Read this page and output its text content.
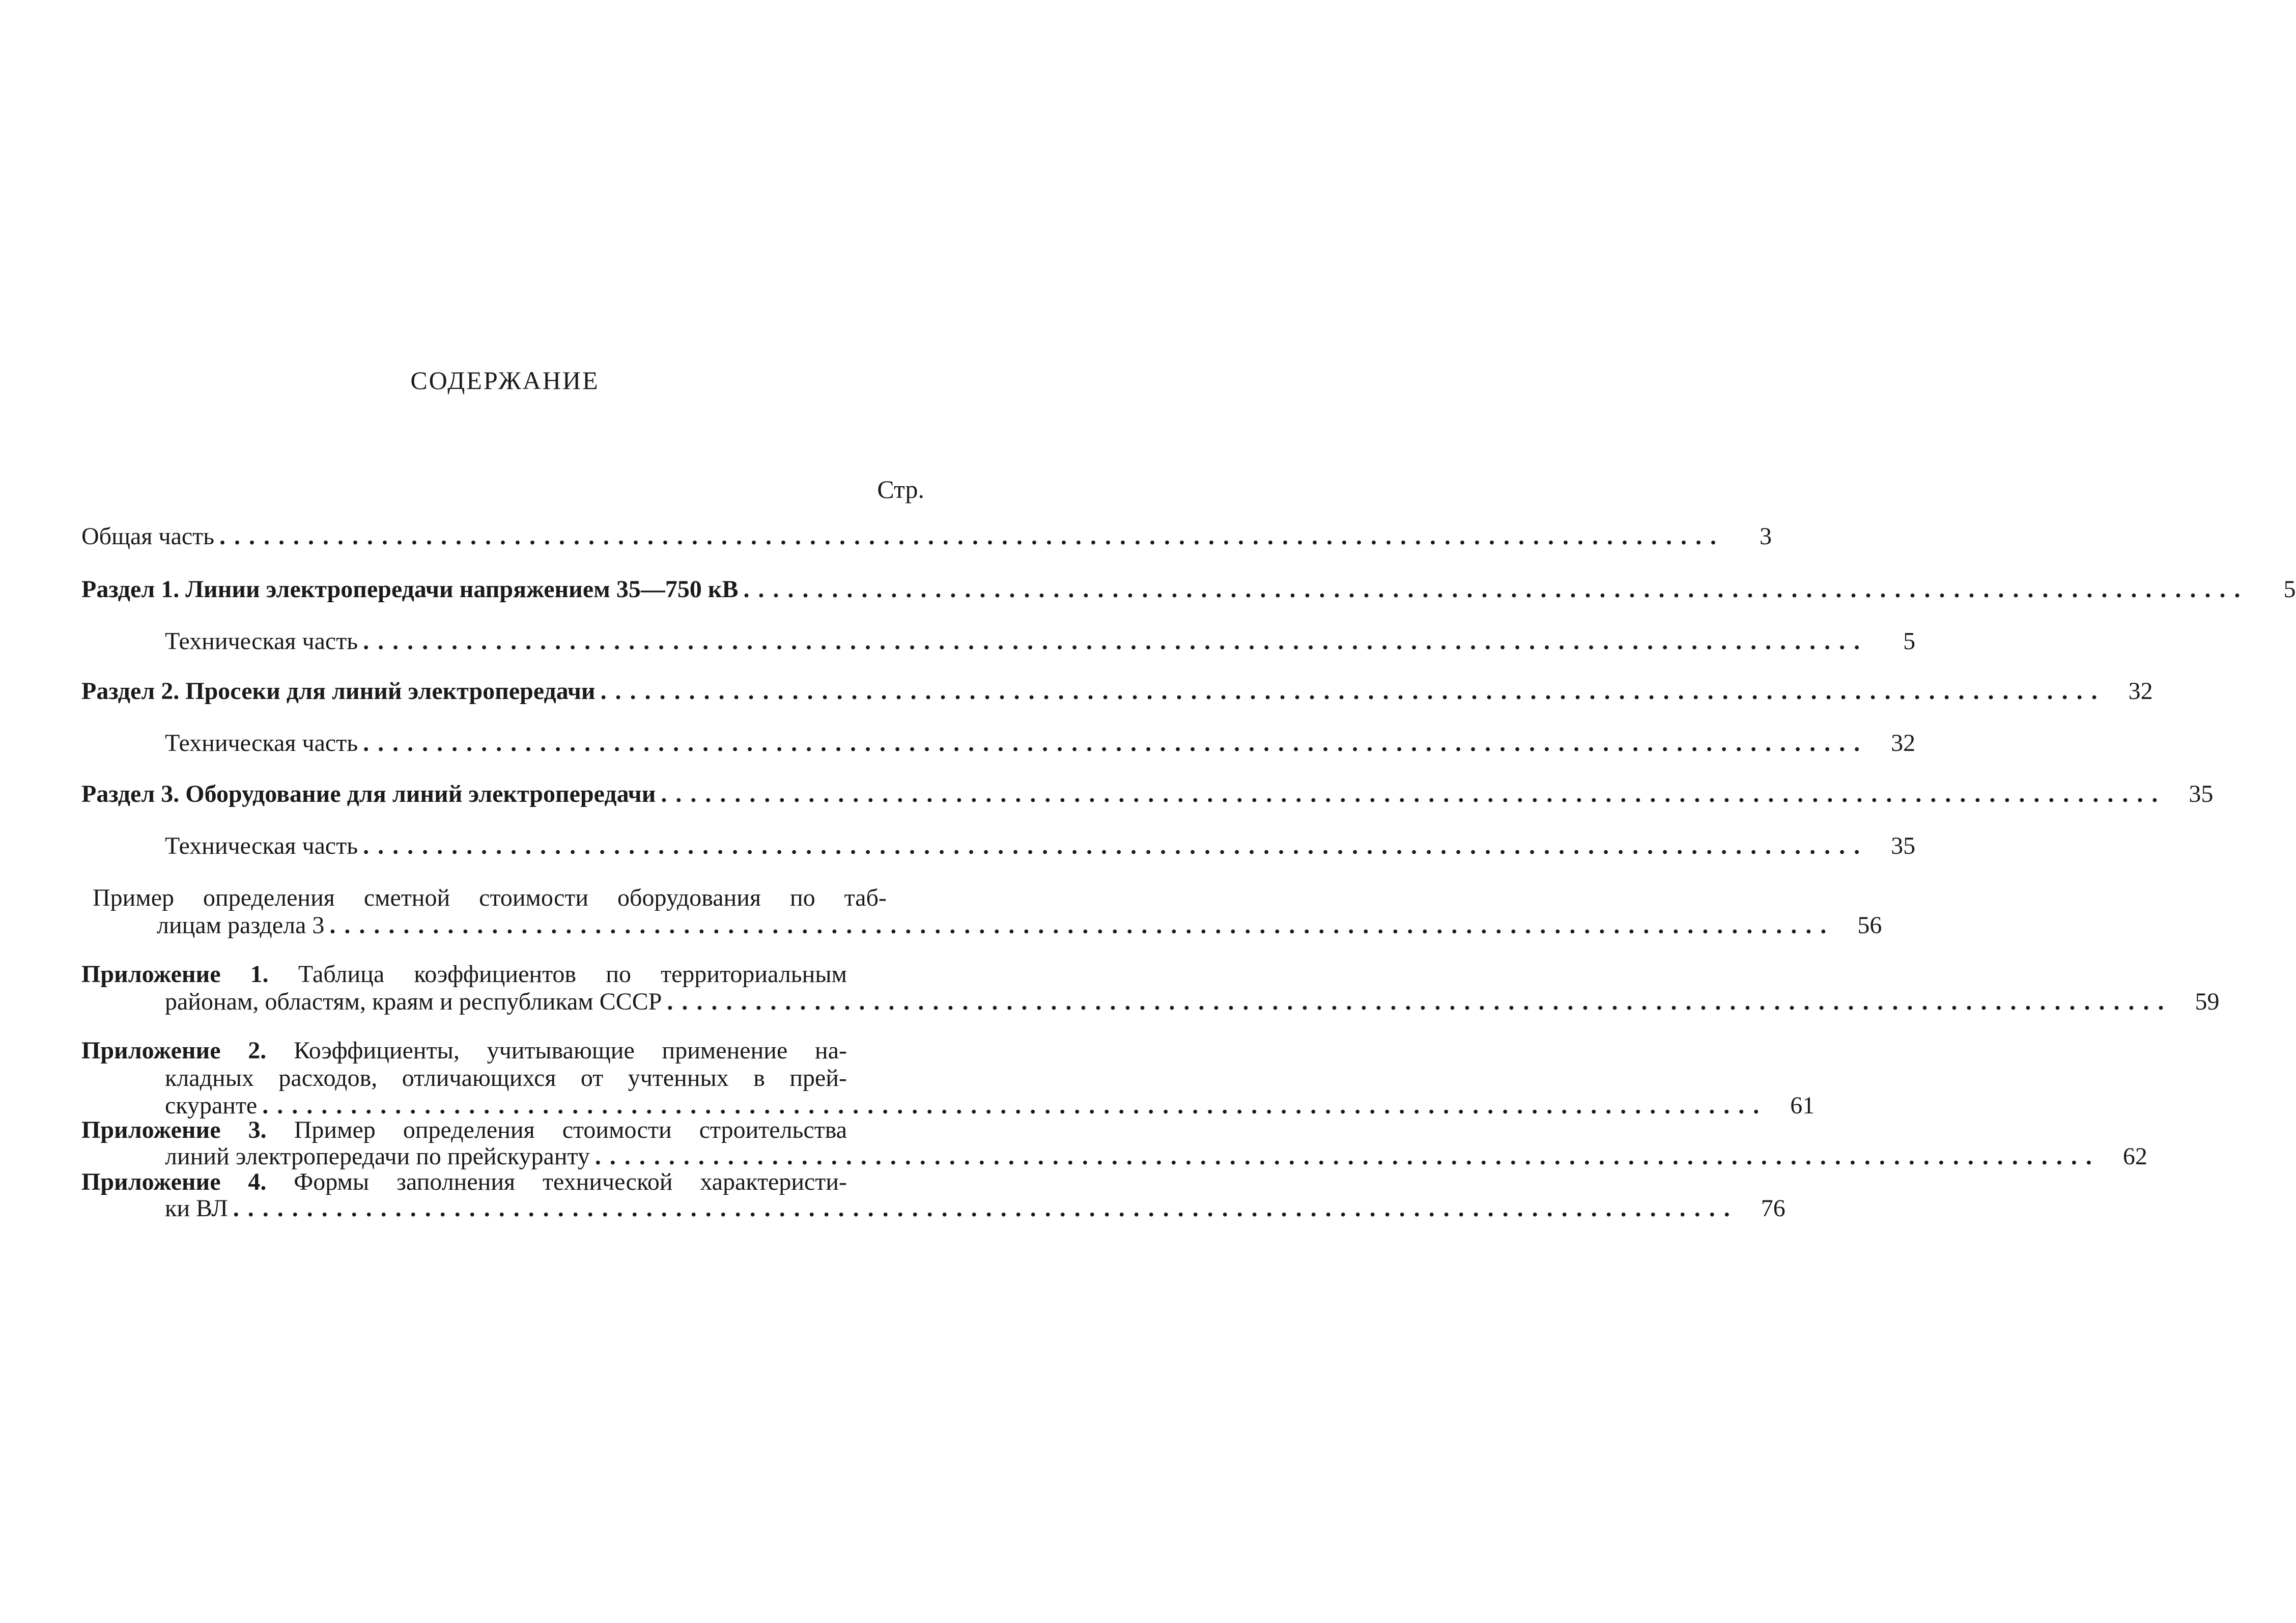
СОДЕРЖАНИЕ
Стр.
Общая часть ......................................................................................................	3
Раздел 1. Линии электропередачи напряжением 35—750 кВ ......................................................................................................	5
Техническая часть ......................................................................................................	5
Раздел 2. Просеки для линий электропередачи ...................................................................................................... 32
Техническая часть ...................................................................................................... 32
Раздел 3. Оборудование для линий электропередачи ...................................................................................................... 35
Техническая часть ...................................................................................................... 35
Пример определения сметной стоимости оборудования по таб-
лицам раздела 3 ...................................................................................................... 56
Приложение 1. Таблица коэффициентов по территориальным
районам, областям, краям и республикам СССР ...................................................................................................... 59
Приложение 2. Коэффициенты, учитывающие применение на-
кладных расходов, отличающихся от учтенных в прей-
скуранте ...................................................................................................... 61
Приложение 3. Пример определения стоимости строительства
линий электропередачи по прейскуранту ...................................................................................................... 62
Приложение 4. Формы заполнения технической характеристи-
ки ВЛ ...................................................................................................... 76
